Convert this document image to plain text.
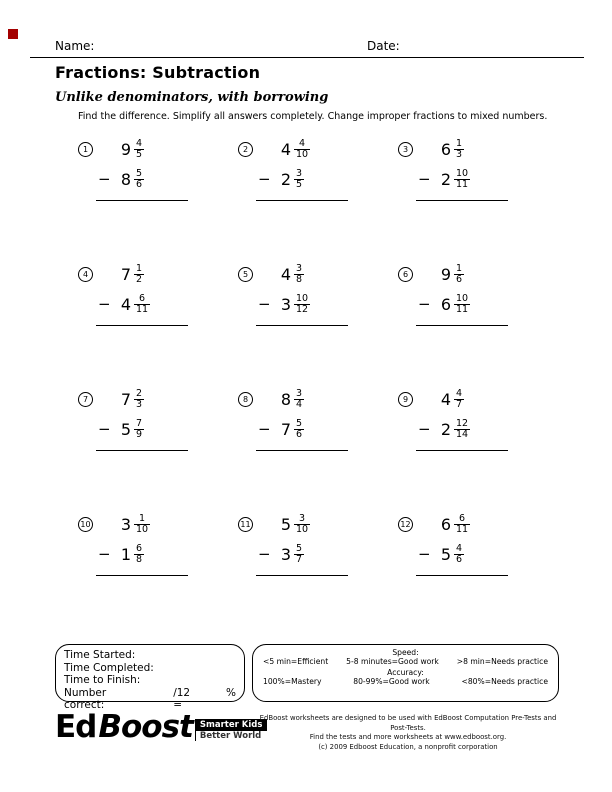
Name:	Date:
Fractions: Subtraction
Unlike denominators, with borrowing
Find the difference. Simplify all answers completely. Change improper fractions to mixed numbers.
1	$9 \frac{4}{5}$
− $8 \frac{5}{6}$
2	$4 \frac{4}{10}$
− $2 \frac{3}{5}$
3	$6 \frac{1}{3}$
− $2 \frac{10}{11}$
4	$7 \frac{1}{2}$
− $4 \frac{6}{11}$
5	$4 \frac{3}{8}$
− $3 \frac{10}{12}$
6	$9 \frac{1}{6}$
− $6 \frac{10}{11}$
7	$7 \frac{2}{3}$
− $5 \frac{7}{9}$
8	$8 \frac{3}{4}$
− $7 \frac{5}{6}$
9	$4 \frac{4}{7}$
− $2 \frac{12}{14}$
10 $3 \frac{1}{10}$
− $1 \frac{6}{8}$
11 $5 \frac{3}{10}$
− $3 \frac{5}{7}$
12 $6 \frac{6}{11}$
− $5 \frac{4}{6}$
Time Started:
Time Completed:
Time to Finish:
Number correct:
/12 =
%
Speed:
<5 min=Efficient 5-8 minutes=Good work >8 min=Needs practice
Accuracy:
100%=Mastery	80-99%=Good work	<80%=Needs practice
Ed Boost Smarter Kids
Better World
EdBoost worksheets are designed to be used with EdBoost Computation Pre-Tests and Post-Tests.
Find the tests and more worksheets at www.edboost.org.
(c) 2009 Edboost Education, a nonprofit corporation
